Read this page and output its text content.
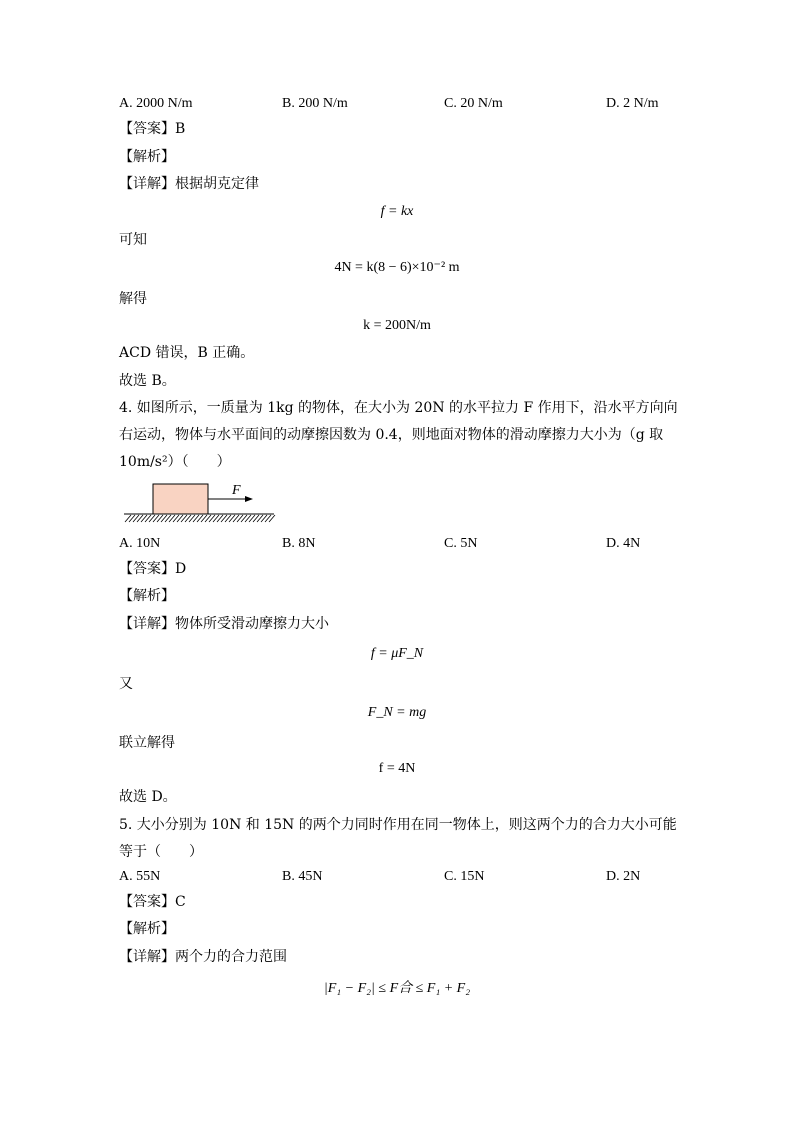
A. 2000 N/m	B. 200 N/m	C. 20 N/m	D. 2 N/m
【答案】B
【解析】
【详解】根据胡克定律
f = kx
可知
4N = k(8 − 6)×10⁻² m
解得
k = 200N/m
ACD 错误，B 正确。
故选 B。
4. 如图所示，一质量为 1kg 的物体，在大小为 20N 的水平拉力 F 作用下，沿水平方向向
右运动，物体与水平面间的动摩擦因数为 0.4，则地面对物体的滑动摩擦力大小为（g 取
10m/s²）（　　）
F
A. 10N	B. 8N	C. 5N	D. 4N
【答案】D
【解析】
【详解】物体所受滑动摩擦力大小
f = μF_N
又
F_N = mg
联立解得
f = 4N
故选 D。
5. 大小分别为 10N 和 15N 的两个力同时作用在同一物体上，则这两个力的合力大小可能
等于（　　）
A. 55N	B. 45N	C. 15N	D. 2N
【答案】C
【解析】
【详解】两个力的合力范围
|F₁ − F₂| ≤ F合 ≤ F₁ + F₂
